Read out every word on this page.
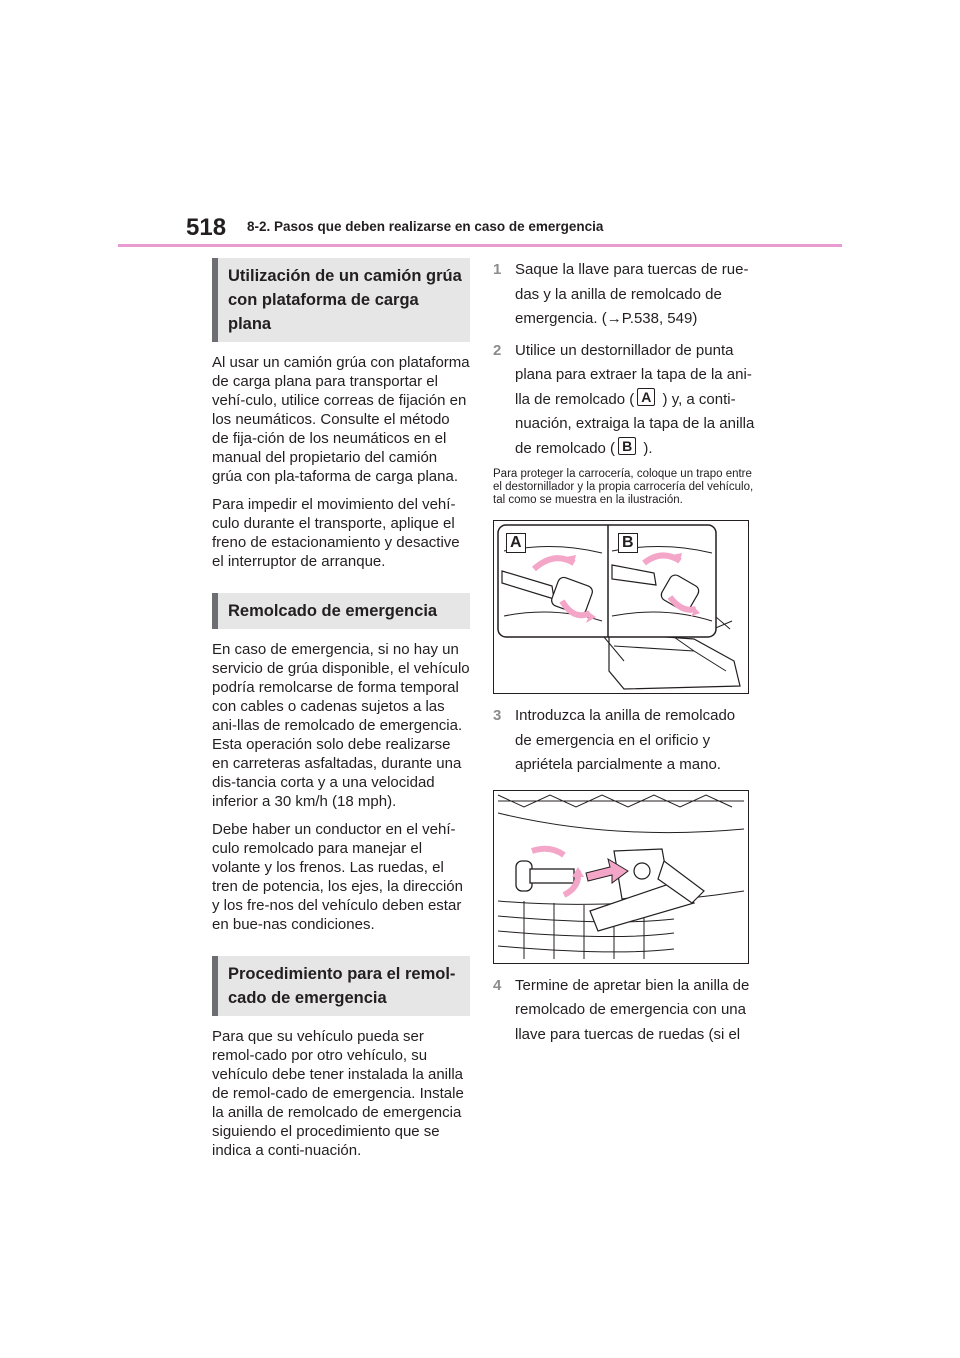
518 8-2. Pasos que deben realizarse en caso de emergencia
Utilización de un camión grúa
con plataforma de carga plana

Al usar un camión grúa con plataforma de carga plana para transportar el vehí-culo, utilice correas de fijación en los neumáticos. Consulte el método de fija-ción de los neumáticos en el manual del propietario del camión grúa con pla-taforma de carga plana.

Para impedir el movimiento del vehí-culo durante el transporte, aplique el freno de estacionamiento y desactive el interruptor de arranque.

Remolcado de emergencia

En caso de emergencia, si no hay un servicio de grúa disponible, el vehículo podría remolcarse de forma temporal con cables o cadenas sujetos a las ani-llas de remolcado de emergencia. Esta operación solo debe realizarse en carreteras asfaltadas, durante una dis-tancia corta y a una velocidad inferior a 30 km/h (18 mph).

Debe haber un conductor en el vehí-culo remolcado para manejar el volante y los frenos. Las ruedas, el tren de potencia, los ejes, la dirección y los fre-nos del vehículo deben estar en bue-nas condiciones.

Procedimiento para el remol-
cado de emergencia

Para que su vehículo pueda ser remol-cado por otro vehículo, su vehículo debe tener instalada la anilla de remol-cado de emergencia. Instale la anilla de remolcado de emergencia siguiendo el procedimiento que se indica a conti-nuación.

1 Saque la llave para tuercas de rue-das y la anilla de remolcado de emergencia. (→P.538, 549)
2 Utilice un destornillador de punta plana para extraer la tapa de la ani-lla de remolcado ( A ) y, a conti-nuación, extraiga la tapa de la anilla de remolcado ( B ).

Para proteger la carrocería, coloque un trapo entre el destornillador y la propia carrocería del vehículo, tal como se muestra en la ilustración.

A	B
3 Introduzca la anilla de remolcado de emergencia en el orificio y apriétela parcialmente a mano.
4 Termine de apretar bien la anilla de remolcado de emergencia con una llave para tuercas de ruedas (si el
